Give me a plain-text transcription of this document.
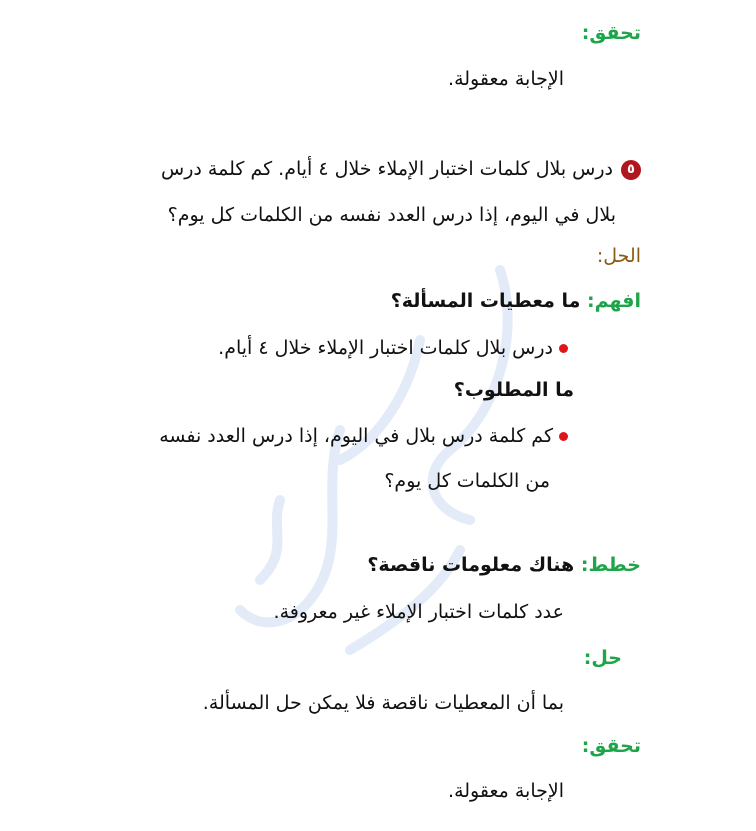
تحقق:
الإجابة معقولة.
٥درس بلال كلمات اختبار الإملاء خلال ٤ أيام. كم كلمة درس
بلال في اليوم، إذا درس العدد نفسه من الكلمات كل يوم؟
الحل:
افهم: ما معطيات المسألة؟
درس بلال كلمات اختبار الإملاء خلال ٤ أيام.
ما المطلوب؟
كم كلمة درس بلال في اليوم، إذا درس العدد نفسه
من الكلمات كل يوم؟
خطط: هناك معلومات ناقصة؟
عدد كلمات اختبار الإملاء غير معروفة.
حل:
بما أن المعطيات ناقصة فلا يمكن حل المسألة.
تحقق:
الإجابة معقولة.
